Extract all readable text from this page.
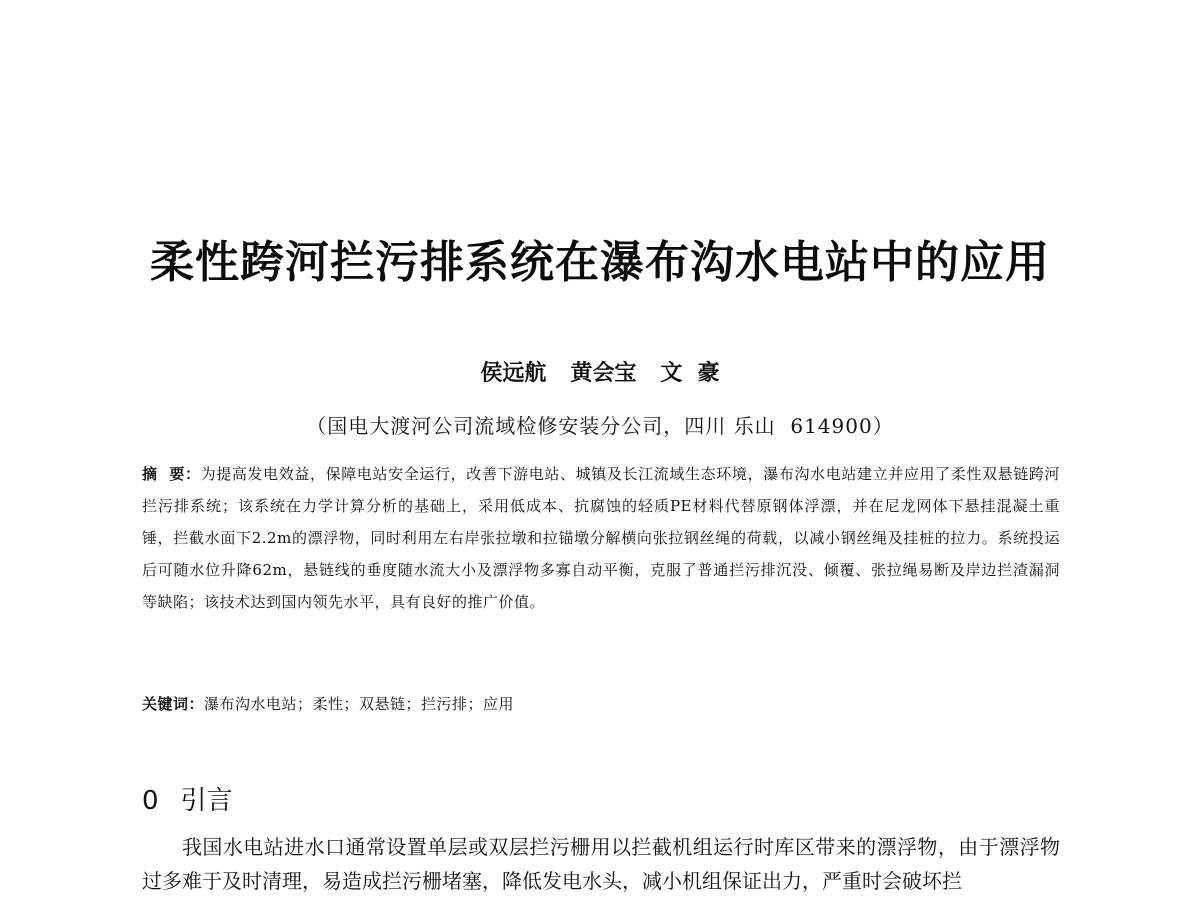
柔性跨河拦污排系统在瀑布沟水电站中的应用
侯远航 黄会宝 文  豪
（国电大渡河公司流域检修安装分公司，四川 乐山  614900）
摘  要：为提高发电效益，保障电站安全运行，改善下游电站、城镇及长江流域生态环境，瀑布沟水电站建立并应用了柔性双悬链跨河拦污排系统；该系统在力学计算分析的基础上，采用低成本、抗腐蚀的轻质PE材料代替原钢体浮漂，并在尼龙网体下悬挂混凝土重锤，拦截水面下2.2m的漂浮物，同时利用左右岸张拉墩和拉锚墩分解横向张拉钢丝绳的荷载，以减小钢丝绳及挂桩的拉力。系统投运后可随水位升降62m，悬链线的垂度随水流大小及漂浮物多寡自动平衡，克服了普通拦污排沉没、倾覆、张拉绳易断及岸边拦渣漏洞等缺陷；该技术达到国内领先水平，具有良好的推广价值。
关键词：瀑布沟水电站；柔性；双悬链；拦污排；应用
0 引言
我国水电站进水口通常设置单层或双层拦污栅用以拦截机组运行时库区带来的漂浮物，由于漂浮物过多难于及时清理，易造成拦污栅堵塞，降低发电水头，减小机组保证出力，严重时会破坏拦
